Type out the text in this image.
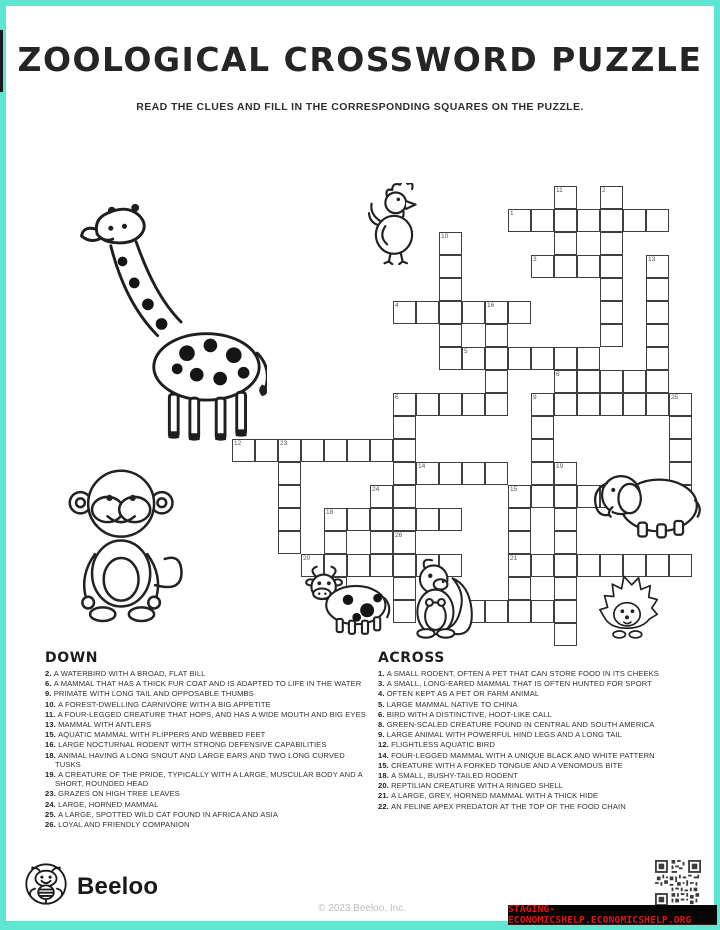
ZOOLOGICAL CROSSWORD PUZZLE
READ THE CLUES AND FILL IN THE CORRESPONDING SQUARES ON THE PUZZLE.
1
3
4	16
5
6
8
9	25
12	23
14
15
18
20	21
2
10
11
13
19
24
26
DOWN
2. A WATERBIRD WITH A BROAD, FLAT BILL
6. A MAMMAL THAT HAS A THICK FUR COAT AND IS ADAPTED TO LIFE IN THE WATER
9. PRIMATE WITH LONG TAIL AND OPPOSABLE THUMBS
10. A FOREST-DWELLING CARNIVORE WITH A BIG APPETITE
11. A FOUR-LEGGED CREATURE THAT HOPS, AND HAS A WIDE MOUTH AND BIG EYES
13. MAMMAL WITH ANTLERS
15. AQUATIC MAMMAL WITH FLIPPERS AND WEBBED FEET
16. LARGE NOCTURNAL RODENT WITH STRONG DEFENSIVE CAPABILITIES
18. ANIMAL HAVING A LONG SNOUT AND LARGE EARS AND TWO LONG CURVED TUSKS
19. A CREATURE OF THE PRIDE, TYPICALLY WITH A LARGE, MUSCULAR BODY AND A SHORT, ROUNDED HEAD
23. GRAZES ON HIGH TREE LEAVES
24. LARGE, HORNED MAMMAL
25. A LARGE, SPOTTED WILD CAT FOUND IN AFRICA AND ASIA
26. LOYAL AND FRIENDLY COMPANION
ACROSS
1. A SMALL RODENT, OFTEN A PET THAT CAN STORE FOOD IN ITS CHEEKS
3. A SMALL, LONG-EARED MAMMAL THAT IS OFTEN HUNTED FOR SPORT
4. OFTEN KEPT AS A PET OR FARM ANIMAL
5. LARGE MAMMAL NATIVE TO CHINA
6. BIRD WITH A DISTINCTIVE, HOOT-LIKE CALL
8. GREEN-SCALED CREATURE FOUND IN CENTRAL AND SOUTH AMERICA
9. LARGE ANIMAL WITH POWERFUL HIND LEGS AND A LONG TAIL
12. FLIGHTLESS AQUATIC BIRD
14. FOUR-LEGGED MAMMAL WITH A UNIQUE BLACK AND WHITE PATTERN
15. CREATURE WITH A FORKED TONGUE AND A VENOMOUS BITE
18. A SMALL, BUSHY-TAILED RODENT
20. REPTILIAN CREATURE WITH A RINGED SHELL
21. A LARGE, GREY, HORNED MAMMAL WITH A THICK HIDE
22. AN FELINE APEX PREDATOR AT THE TOP OF THE FOOD CHAIN
Beeloo
© 2023 Beeloo, Inc.	STAGING-ECONOMICSHELP.ECONOMICSHELP.ORG
